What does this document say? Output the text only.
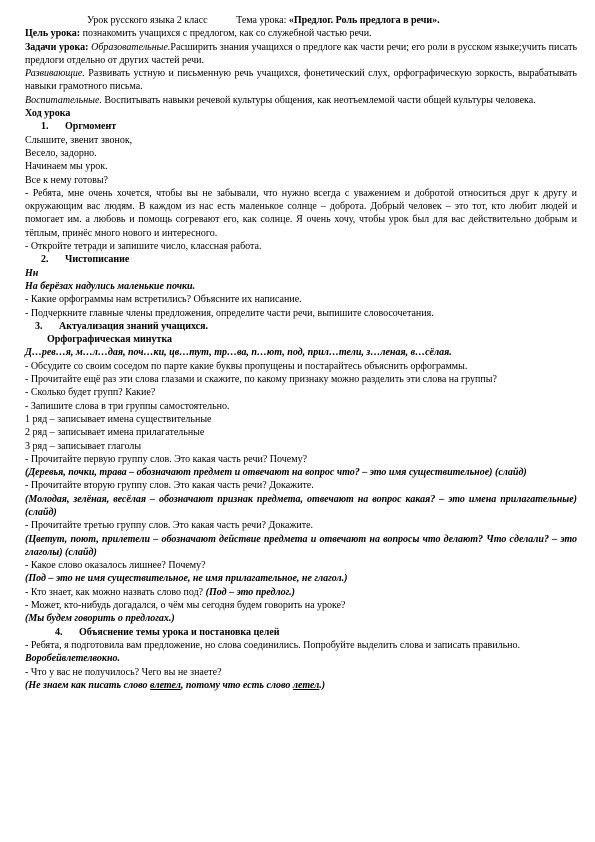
Урок русского языка 2 класс	Тема урока: «Предлог. Роль предлога в речи».

Цель урока: познакомить учащихся с предлогом, как со служебной частью речи.

Задачи урока: Образовательные.Расширить знания учащихся о предлоге как части речи; его роли в русском языке;учить писать предлоги отдельно от других частей речи.

Развивающие. Развивать устную и письменную речь учащихся, фонетический слух, орфографическую зоркость, вырабатывать навыки грамотного письма.

Воспитательные. Воспитывать навыки речевой культуры общения, как неотъемлемой части общей культуры человека.

Ход урока

1. Оргмомент

Слышите, звенит звонок,

Весело, задорно.

Начинаем мы урок.

Все к нему готовы?

- Ребята, мне очень хочется, чтобы вы не забывали, что нужно всегда с уважением и добротой относиться друг к другу и окружающим вас людям. В каждом из нас есть маленькое солнце – доброта. Добрый человек – это тот, кто любит людей и помогает им. а любовь и помощь согревают его, как солнце. Я очень хочу, чтобы урок был для вас действительно добрым и тёплым, принёс много нового и интересного.

- Откройте тетради и запишите число, классная работа.

2. Чистописание

Нн

На берёзах надулись маленькие почки.

- Какие орфограммы нам встретились? Объясните их написание.

- Подчеркните главные члены предложения, определите части речи, выпишите словосочетания.

3. Актуализация знаний учащихся.

Орфографическая минутка

Д…рев…я, м…л…дая, поч…ки, цв…тут, тр…ва, п…ют, под, прил…тели, з…леная, в…сёлая.

- Обсудите со своим соседом по парте какие буквы пропущены и постарайтесь объяснить орфограммы.

- Прочитайте ещё раз эти слова глазами и скажите, по какому признаку можно разделить эти слова на группы?

- Сколько будет групп? Какие?

- Запишите слова в три группы самостоятельно.

1 ряд – записывает имена существительные

2 ряд – записывает имена прилагательные

3 ряд – записывает глаголы

- Прочитайте первую группу слов. Это какая часть речи? Почему?

(Деревья, почки, трава – обозначают предмет и отвечают на вопрос что? – это имя существительное) (слайд)

- Прочитайте вторую группу слов. Это какая часть речи? Докажите.

(Молодая, зелёная, весёлая – обозначают признак предмета, отвечают на вопрос какая? – это имена прилагательные) (слайд)

- Прочитайте третью группу слов. Это какая часть речи? Докажите.

(Цветут, поют, прилетели – обозначают действие предмета и отвечают на вопросы что делают? Что сделали? – это глаголы) (слайд)

- Какое слово оказалось лишнее? Почему?

(Под – это не имя существительное, не имя прилагательное, не глагол.)

- Кто знает, как можно назвать слово под? (Под – это предлог.)

- Может, кто-нибудь догадался, о чём мы сегодня будем говорить на уроке?

(Мы будем говорить о предлогах.)

4. Объяснение темы урока и постановка целей

- Ребята, я подготовила вам предложение, но слова соединились. Попробуйте выделить слова и записать правильно.

Воробейвлетелвокно.

- Что у вас не получилось? Чего вы не знаете?

(Не знаем как писать слово влетел, потому что есть слово летел.)
